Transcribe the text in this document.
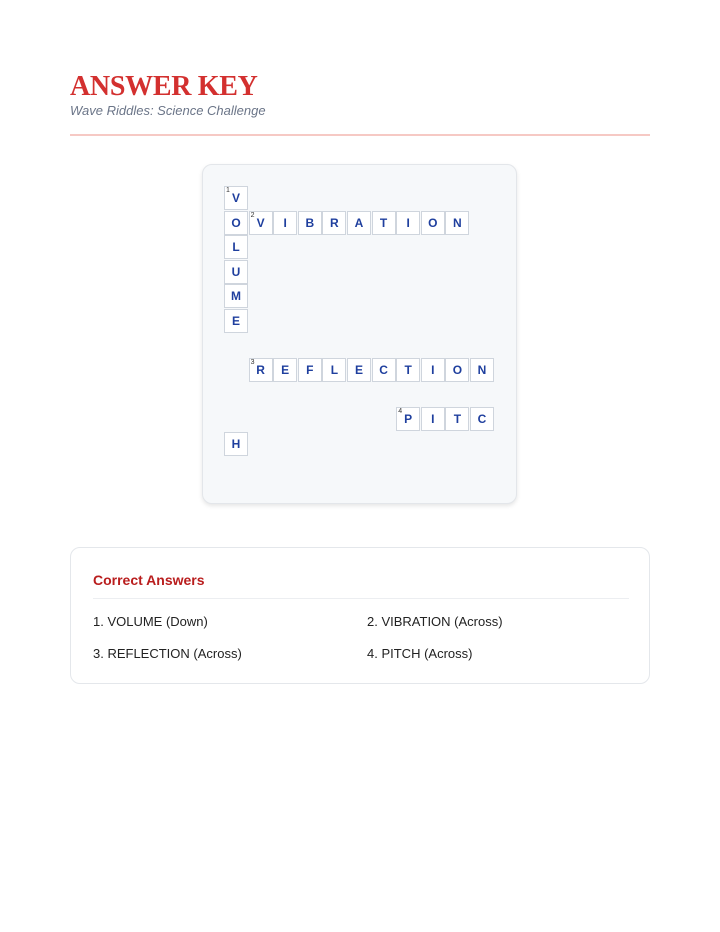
ANSWER KEY
Wave Riddles: Science Challenge
V
1
O
L
U
M
E
V
2
I	B	R	A	T	I	O	N
R
3
E	F	L	E	C	T	I	O	N
P
4
I	T	C
H
Correct Answers
1. VOLUME (Down)	2. VIBRATION (Across)
3. REFLECTION (Across)	4. PITCH (Across)
